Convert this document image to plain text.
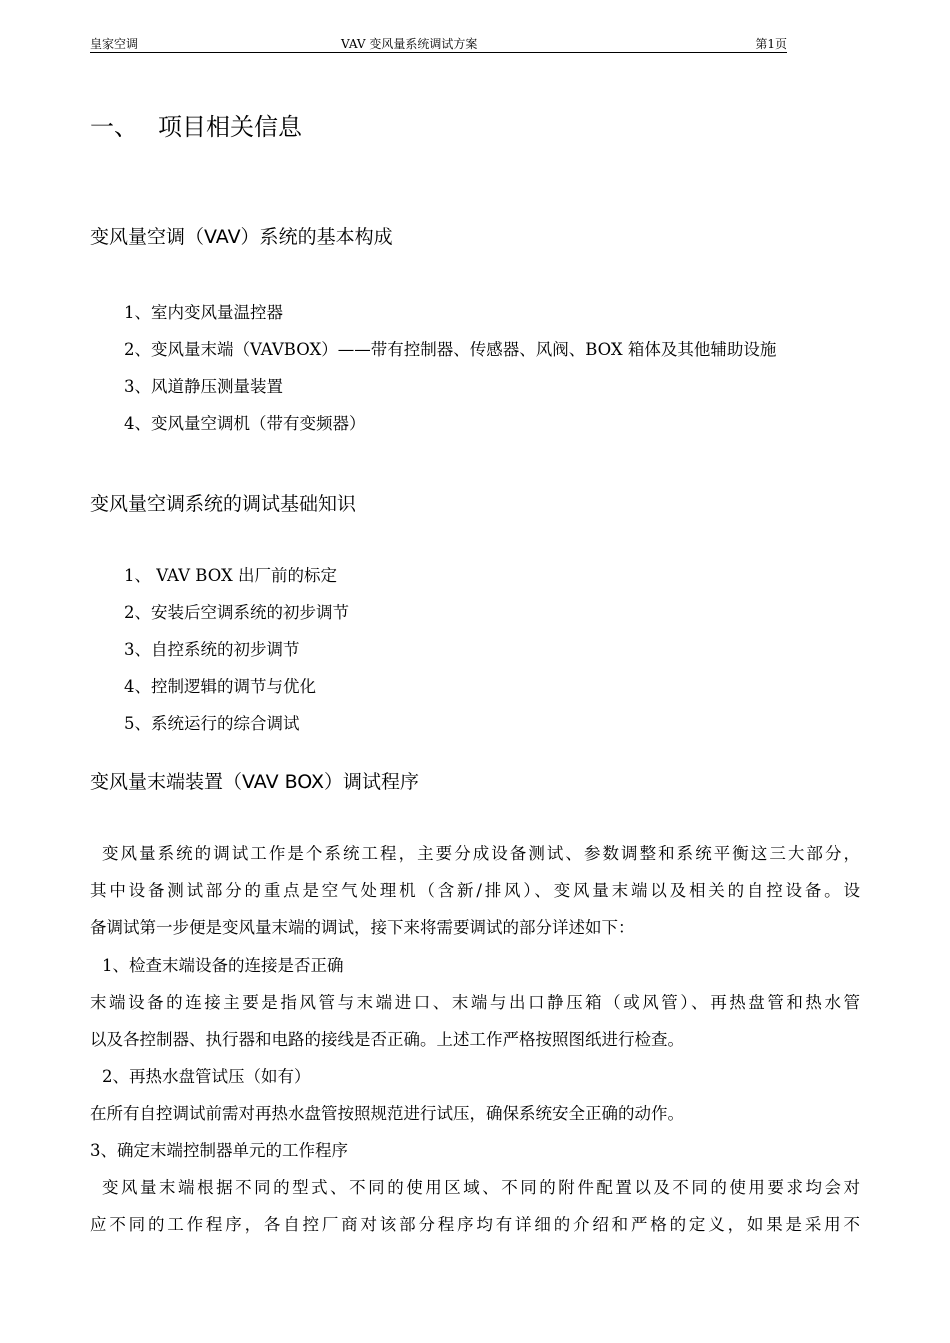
皇家空调	VAV 变风量系统调试方案	第1页
一、 项目相关信息
变风量空调（VAV）系统的基本构成
1、室内变风量温控器
2、变风量末端（VAVBOX）——带有控制器、传感器、风阀、BOX 箱体及其他辅助设施
3、风道静压测量装置
4、变风量空调机（带有变频器）
变风量空调系统的调试基础知识
1、 VAV BOX 出厂前的标定
2、安装后空调系统的初步调节
3、自控系统的初步调节
4、控制逻辑的调节与优化
5、系统运行的综合调试
变风量末端装置（VAV BOX）调试程序
变风量系统的调试工作是个系统工程，主要分成设备测试、参数调整和系统平衡这三大部分，
其中设备测试部分的重点是空气处理机（含新/排风）、变风量末端以及相关的自控设备。设
备调试第一步便是变风量末端的调试，接下来将需要调试的部分详述如下：
1、检查末端设备的连接是否正确
末端设备的连接主要是指风管与末端进口、末端与出口静压箱（或风管）、再热盘管和热水管
以及各控制器、执行器和电路的接线是否正确。上述工作严格按照图纸进行检查。
2、再热水盘管试压（如有）
在所有自控调试前需对再热水盘管按照规范进行试压，确保系统安全正确的动作。
3、确定末端控制器单元的工作程序
变风量末端根据不同的型式、不同的使用区域、不同的附件配置以及不同的使用要求均会对
应不同的工作程序，各自控厂商对该部分程序均有详细的介绍和严格的定义，如果是采用不
